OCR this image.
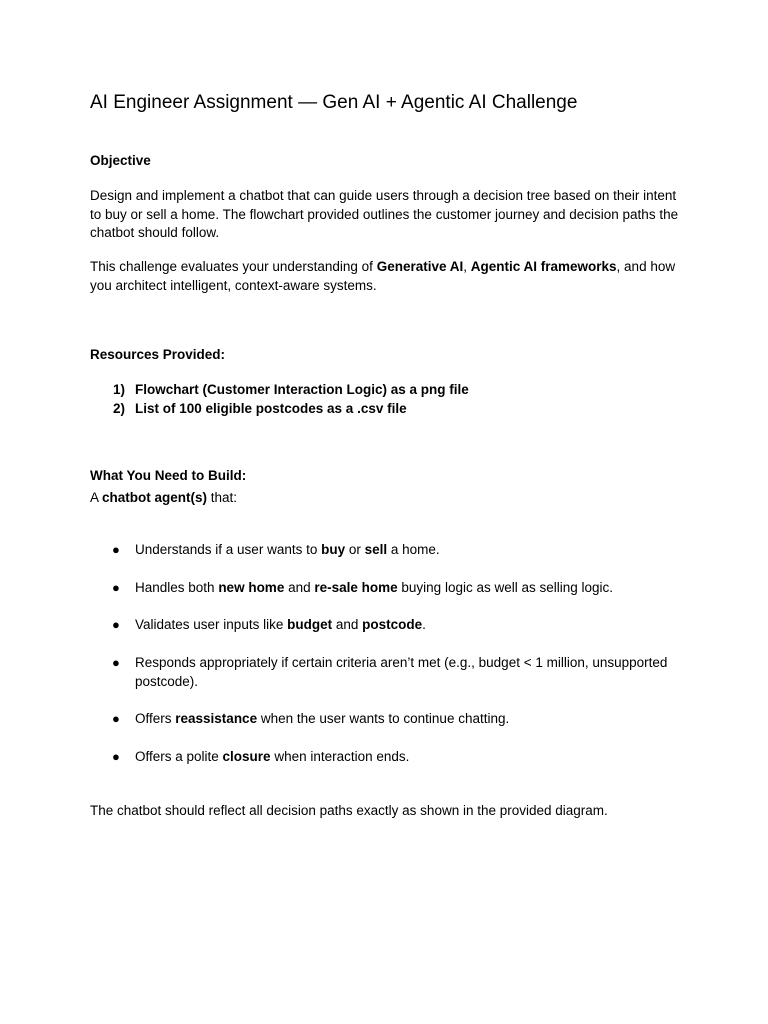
AI Engineer Assignment — Gen AI + Agentic AI Challenge
Objective

Design and implement a chatbot that can guide users through a decision tree based on their intent to buy or sell a home. The flowchart provided outlines the customer journey and decision paths the chatbot should follow.

This challenge evaluates your understanding of Generative AI, Agentic AI frameworks, and how you architect intelligent, context-aware systems.

Resources Provided:
1) Flowchart (Customer Interaction Logic) as a png file
2) List of 100 eligible postcodes as a .csv file
What You Need to Build:

A chatbot agent(s) that:

● Understands if a user wants to buy or sell a home.
● Handles both new home and re-sale home buying logic as well as selling logic.
● Validates user inputs like budget and postcode.
● Responds appropriately if certain criteria aren’t met (e.g., budget < 1 million, unsupported postcode).
● Offers reassistance when the user wants to continue chatting.
● Offers a polite closure when interaction ends.

The chatbot should reflect all decision paths exactly as shown in the provided diagram.
